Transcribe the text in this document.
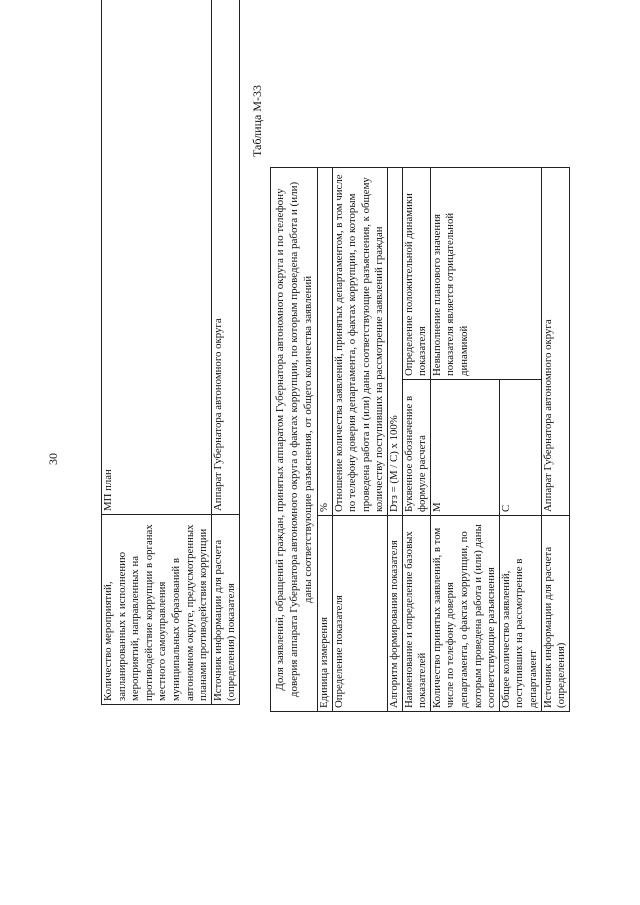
30
Количество мероприятий, запланированных к исполнению мероприятий, направленных на противодействие коррупции в органах местного самоуправления муниципальных образований в автономном округе, предусмотренных планами противодействия коррупции	МП план
Источник информации для расчета (определения) показателя	Аппарат Губернатора автономного округа
Таблица М-33
Доля заявлений, обращений граждан, принятых аппаратом Губернатора автономного округа и по телефону доверия аппарата Губернатора автономного округа о фактах коррупции, по которым проведена работа и (или) даны соответствующие разъяснения, от общего количества заявлений		
Единица измерения	%	
Определение показателя	Отношение количества заявлений, принятых департаментом, в том числе по телефону доверия департамента, о фактах коррупции, по которым проведена работа и (или) даны соответствующие разъяснения, к общему количеству поступивших на рассмотрение заявлений граждан	
Алгоритм формирования показателя	Dтз = (M / C) x 100%	
Наименование и определение базовых показателей	Буквенное обозначение в формуле расчета	Определение положительной динамики показателя
Количество принятых заявлений, в том числе по телефону доверия департамента, о фактах коррупции, по которым проведена работа и (или) даны соответствующие разъяснения	М	Невыполнение планового значения показателя является отрицательной динамикой
Общее количество заявлений, поступивших на рассмотрение в департамент	С	
Источник информации для расчета (определения)	Аппарат Губернатора автономного округа	
